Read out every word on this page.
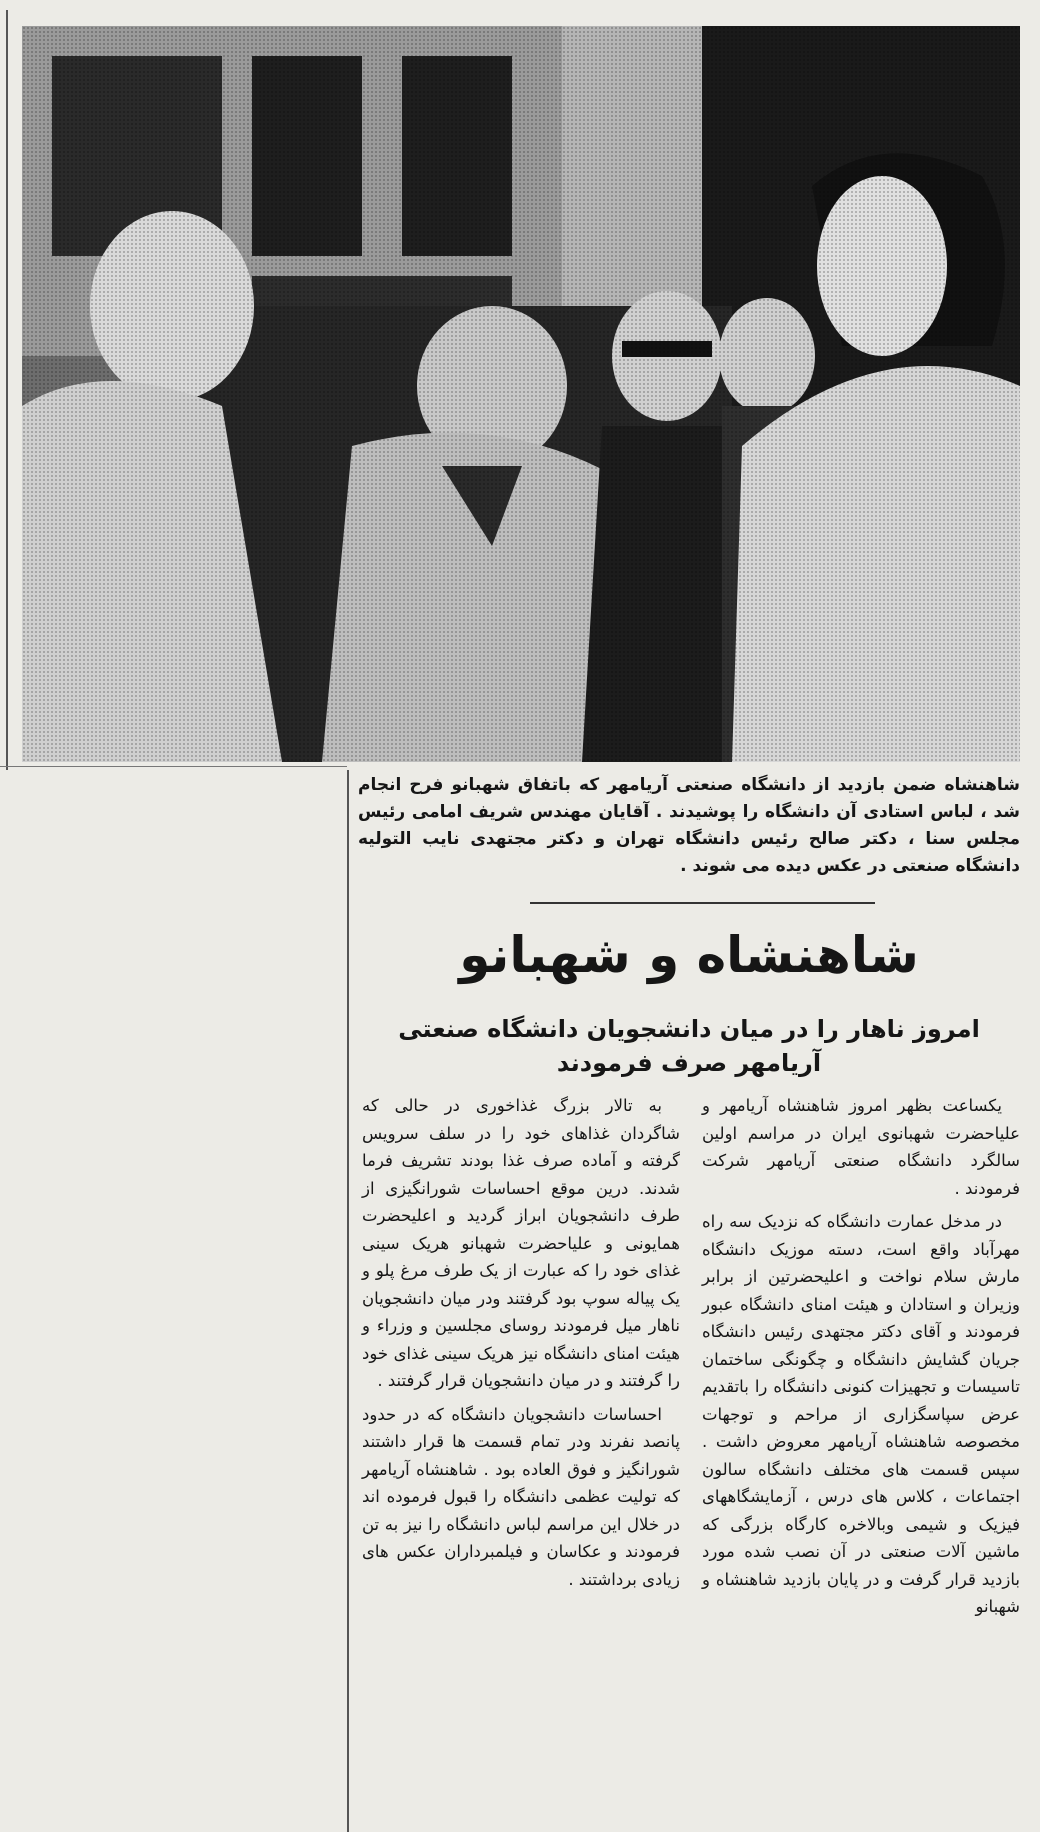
شاهنشاه ضمن بازدید از دانشگاه صنعتی آریامهر که باتفاق شهبانو فرح انجام شد ، لباس استادی آن دانشگاه را پوشیدند . آقایان مهندس شریف امامی رئیس مجلس سنا ، دکتر صالح رئیس دانشگاه تهران و دکتر مجتهدی نایب التولیه دانشگاه صنعتی در عکس دیده می شوند .
شاهنشاه و شهبانو
امروز ناهار را در میان دانشجویان دانشگاه صنعتی آریامهر صرف فرمودند

یکساعت بظهر امروز شاهنشاه آریامهر و علیاحضرت شهبانوی ایران در مراسم اولین سالگرد دانشگاه صنعتی آریامهر شرکت فرمودند .

در مدخل عمارت دانشگاه که نزدیک سه راه مهرآباد واقع است، دسته موزیک دانشگاه مارش سلام نواخت و اعلیحضرتین از برابر وزیران و استادان و هیئت امنای دانشگاه عبور فرمودند و آقای دکتر مجتهدی رئیس دانشگاه جریان گشایش دانشگاه و چگونگی ساختمان تاسیسات و تجهیزات کنونی دانشگاه را باتقدیم عرض سپاسگزاری از مراحم و توجهات مخصوصه شاهنشاه آریامهر معروض داشت . سپس قسمت های مختلف دانشگاه سالون اجتماعات ، کلاس های درس ، آزمایشگاههای فیزیک و شیمی وبالاخره کارگاه بزرگی که ماشین آلات صنعتی در آن نصب شده مورد بازدید قرار گرفت و در پایان بازدید شاهنشاه و شهبانو

به تالار بزرگ غذاخوری در حالی که شاگردان غذاهای خود را در سلف سرویس گرفته و آماده صرف غذا بودند تشریف فرما شدند. درین موقع احساسات شورانگیزی از طرف دانشجویان ابراز گردید و اعلیحضرت همایونی و علیاحضرت شهبانو هریک سینی غذای خود را که عبارت از یک طرف مرغ پلو و یک پیاله سوپ بود گرفتند ودر میان دانشجویان ناهار میل فرمودند روسای مجلسین و وزراء و هیئت امنای دانشگاه نیز هریک سینی غذای خود را گرفتند و در میان دانشجویان قرار گرفتند .

احساسات دانشجویان دانشگاه که در حدود پانصد نفرند ودر تمام قسمت ها قرار داشتند شورانگیز و فوق العاده بود . شاهنشاه آریامهر که تولیت عظمی دانشگاه را قبول فرموده اند در خلال این مراسم لباس دانشگاه را نیز به تن فرمودند و عکاسان و فیلمبرداران عکس های زیادی برداشتند .
